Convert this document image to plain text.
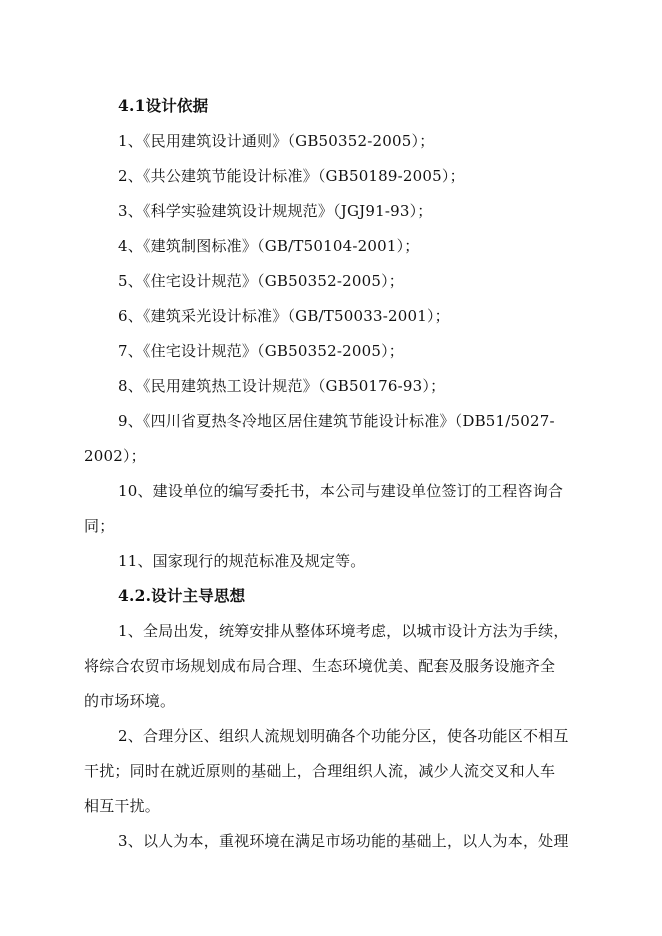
4.1设计依据
1、《民用建筑设计通则》（GB50352-2005）；
2、《共公建筑节能设计标准》（GB50189-2005）；
3、《科学实验建筑设计规规范》（JGJ91-93）；
4、《建筑制图标准》（GB/T50104-2001）；
5、《住宅设计规范》（GB50352-2005）；
6、《建筑采光设计标准》（GB/T50033-2001）；
7、《住宅设计规范》（GB50352-2005）；
8、《民用建筑热工设计规范》（GB50176-93）；
9、《四川省夏热冬冷地区居住建筑节能设计标准》（DB51/5027-
2002）；
10、建设单位的编写委托书，本公司与建设单位签订的工程咨询合
同；
11、国家现行的规范标准及规定等。
4.2.设计主导思想
1、全局出发，统筹安排从整体环境考虑，以城市设计方法为手续，
将综合农贸市场规划成布局合理、生态环境优美、配套及服务设施齐全
的市场环境。
2、合理分区、组织人流规划明确各个功能分区，使各功能区不相互
干扰；同时在就近原则的基础上，合理组织人流，减少人流交叉和人车
相互干扰。
3、以人为本，重视环境在满足市场功能的基础上，以人为本，处理
